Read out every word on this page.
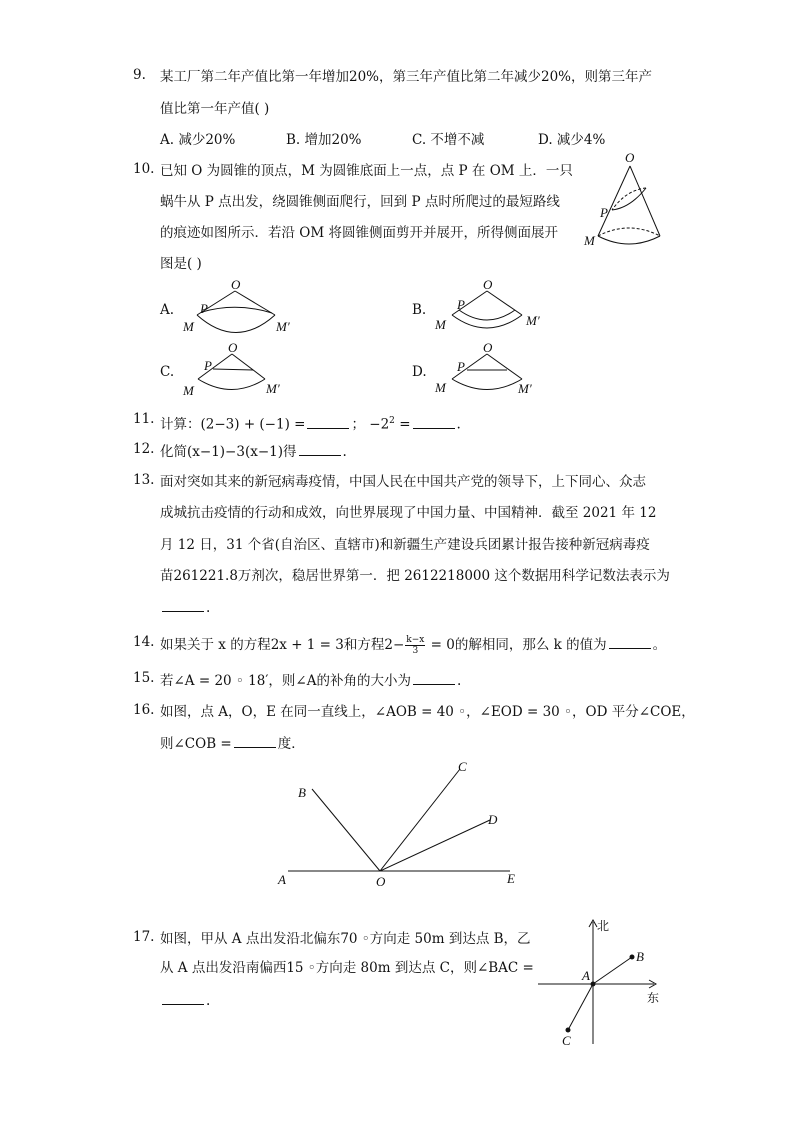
9.	某工厂第二年产值比第一年增加20%，第三年产值比第二年减少20%，则第三年产
值比第一年产值( )
A. 减少20%	B. 增加20%	C. 不增不减	D. 减少4%
10. 已知 O 为圆锥的顶点，M 为圆锥底面上一点，点 P 在 OM 上．一只
蜗牛从 P 点出发，绕圆锥侧面爬行，回到 P 点时所爬过的最短路线
的痕迹如图所示．若沿 OM 将圆锥侧面剪开并展开，所得侧面展开
图是( )
O
P
M
A.
O
P
M	M′
B.
O
P
M	M′
C.
O
P
M	M′
D.
O
P
M	M′
11. 计算：(2−3) + (−1) =	； $-2^2$ =	.
12. 化简(x−1)−3(x−1)得	.
13. 面对突如其来的新冠病毒疫情，中国人民在中国共产党的领导下，上下同心、众志
成城抗击疫情的行动和成效，向世界展现了中国力量、中国精神．截至 2021 年 12
月 12 日，31 个省(自治区、直辖市)和新疆生产建设兵团累计报告接种新冠病毒疫
苗261221.8万剂次，稳居世界第一．把 2612218000 这个数据用科学记数法表示为
.
14. 如果关于 x 的方程2x + 1 = 3和方程$2- \frac{k-x}{3} = 0$的解相同，那么 k 的值为	。
15. 若∠A = 20 ◦ 18′，则∠A的补角的大小为	.
16. 如图，点 A，O，E 在同一直线上，∠AOB = 40 ◦，∠EOD = 30 ◦，OD 平分∠COE，
则∠COB =	度．
A
B
C
D
E
O
17. 如图，甲从 A 点出发沿北偏东70 ◦方向走 50m 到达点 B，乙
从 A 点出发沿南偏西15 ◦方向走 80m 到达点 C，则∠BAC =
.
北
东
A
B
C
